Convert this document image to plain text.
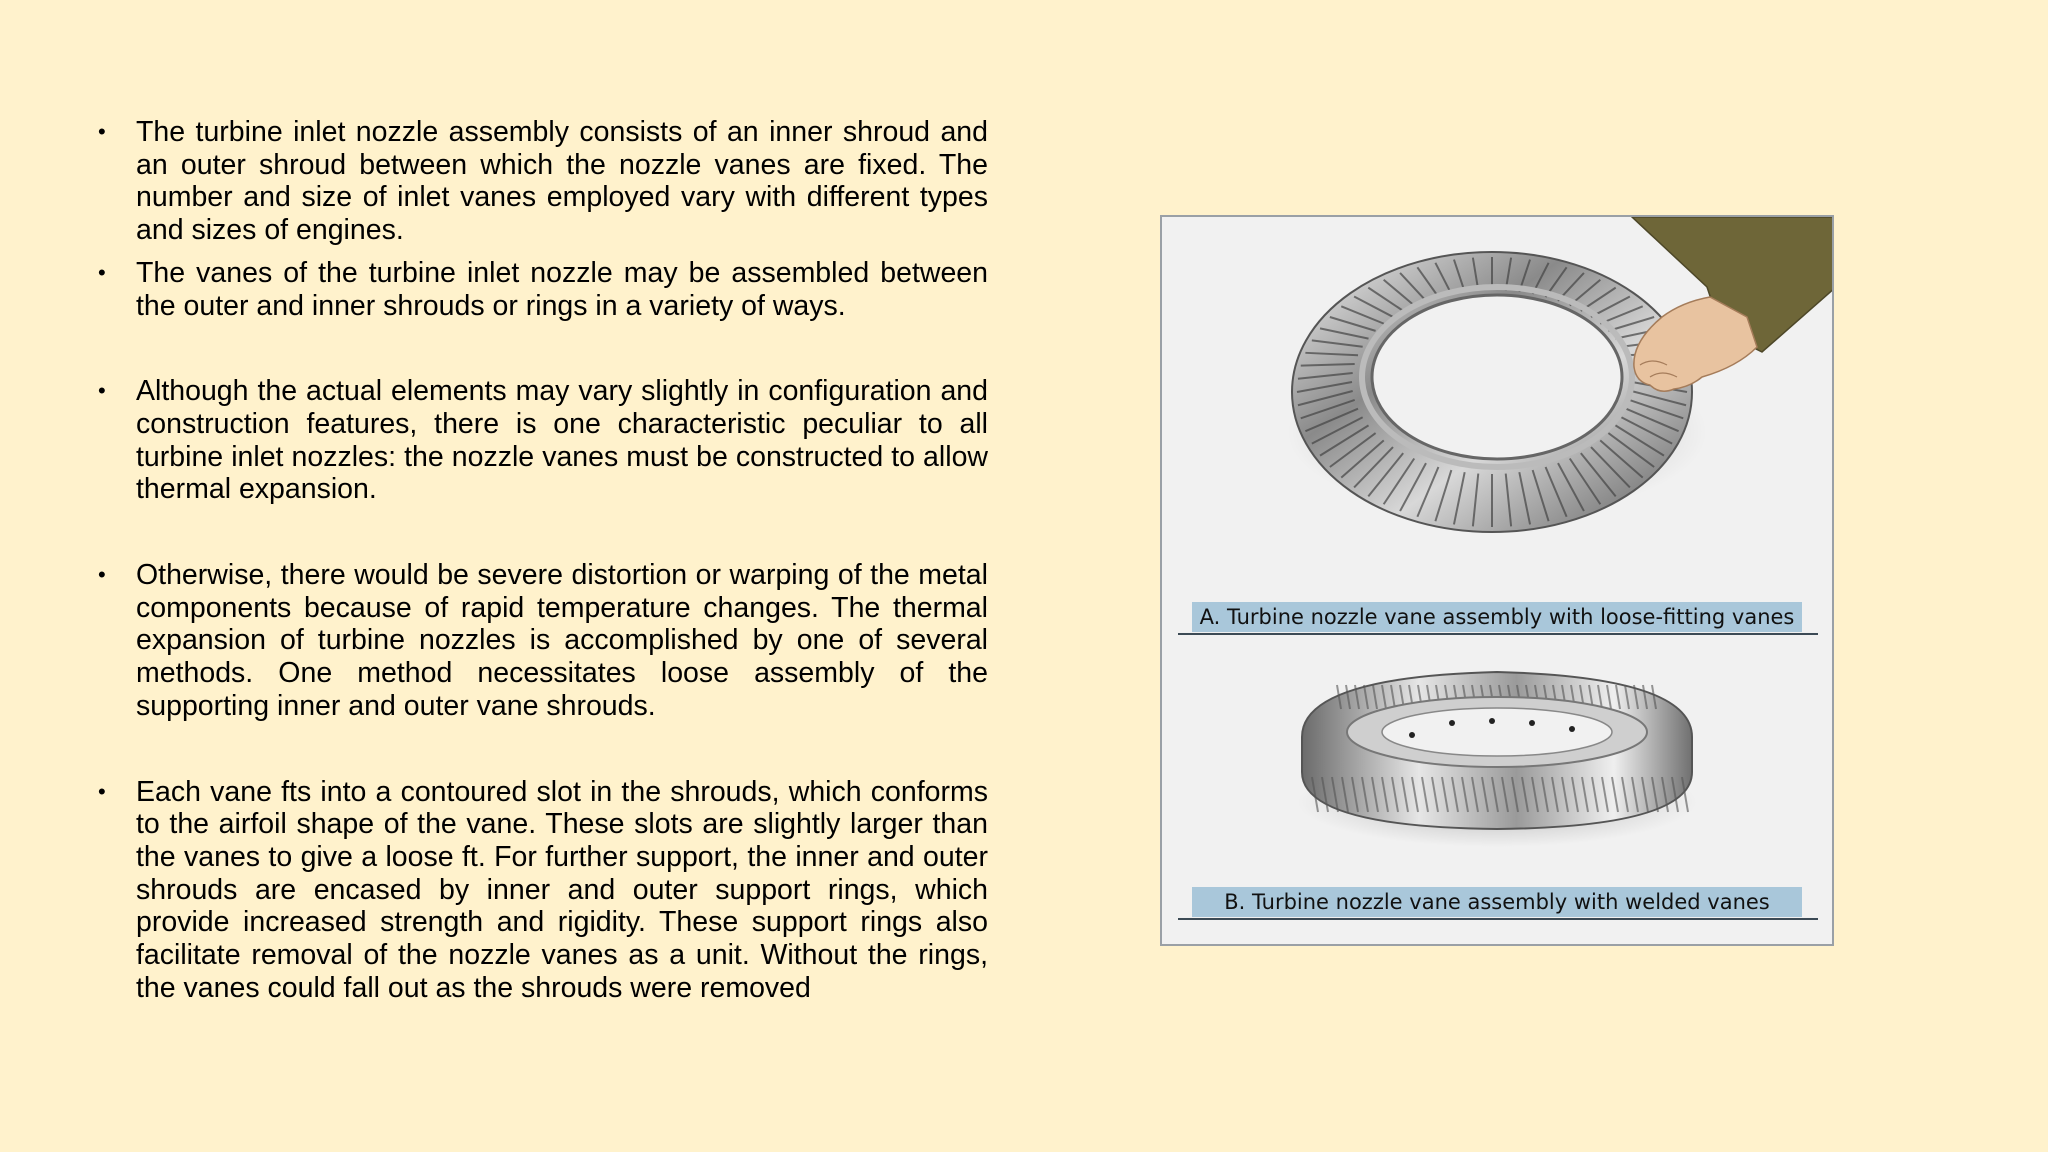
• The turbine inlet nozzle assembly consists of an inner shroud and an outer shroud between which the nozzle vanes are fixed. The number and size of inlet vanes employed vary with different types and sizes of engines.

• The vanes of the turbine inlet nozzle may be assembled between the outer and inner shrouds or rings in a variety of ways.

• Although the actual elements may vary slightly in configuration and construction features, there is one characteristic peculiar to all turbine inlet nozzles: the nozzle vanes must be constructed to allow thermal expansion.

• Otherwise, there would be severe distortion or warping of the metal components because of rapid temperature changes. The thermal expansion of turbine nozzles is accomplished by one of several methods. One method necessitates loose assembly of the supporting inner and outer vane shrouds.

• Each vane fts into a contoured slot in the shrouds, which conforms to the airfoil shape of the vane. These slots are slightly larger than the vanes to give a loose ft. For further support, the inner and outer shrouds are encased by inner and outer support rings, which provide increased strength and rigidity. These support rings also facilitate removal of the nozzle vanes as a unit. Without the rings, the vanes could fall out as the shrouds were removed

A. Turbine nozzle vane assembly with loose-fitting vanes
B. Turbine nozzle vane assembly with welded vanes
